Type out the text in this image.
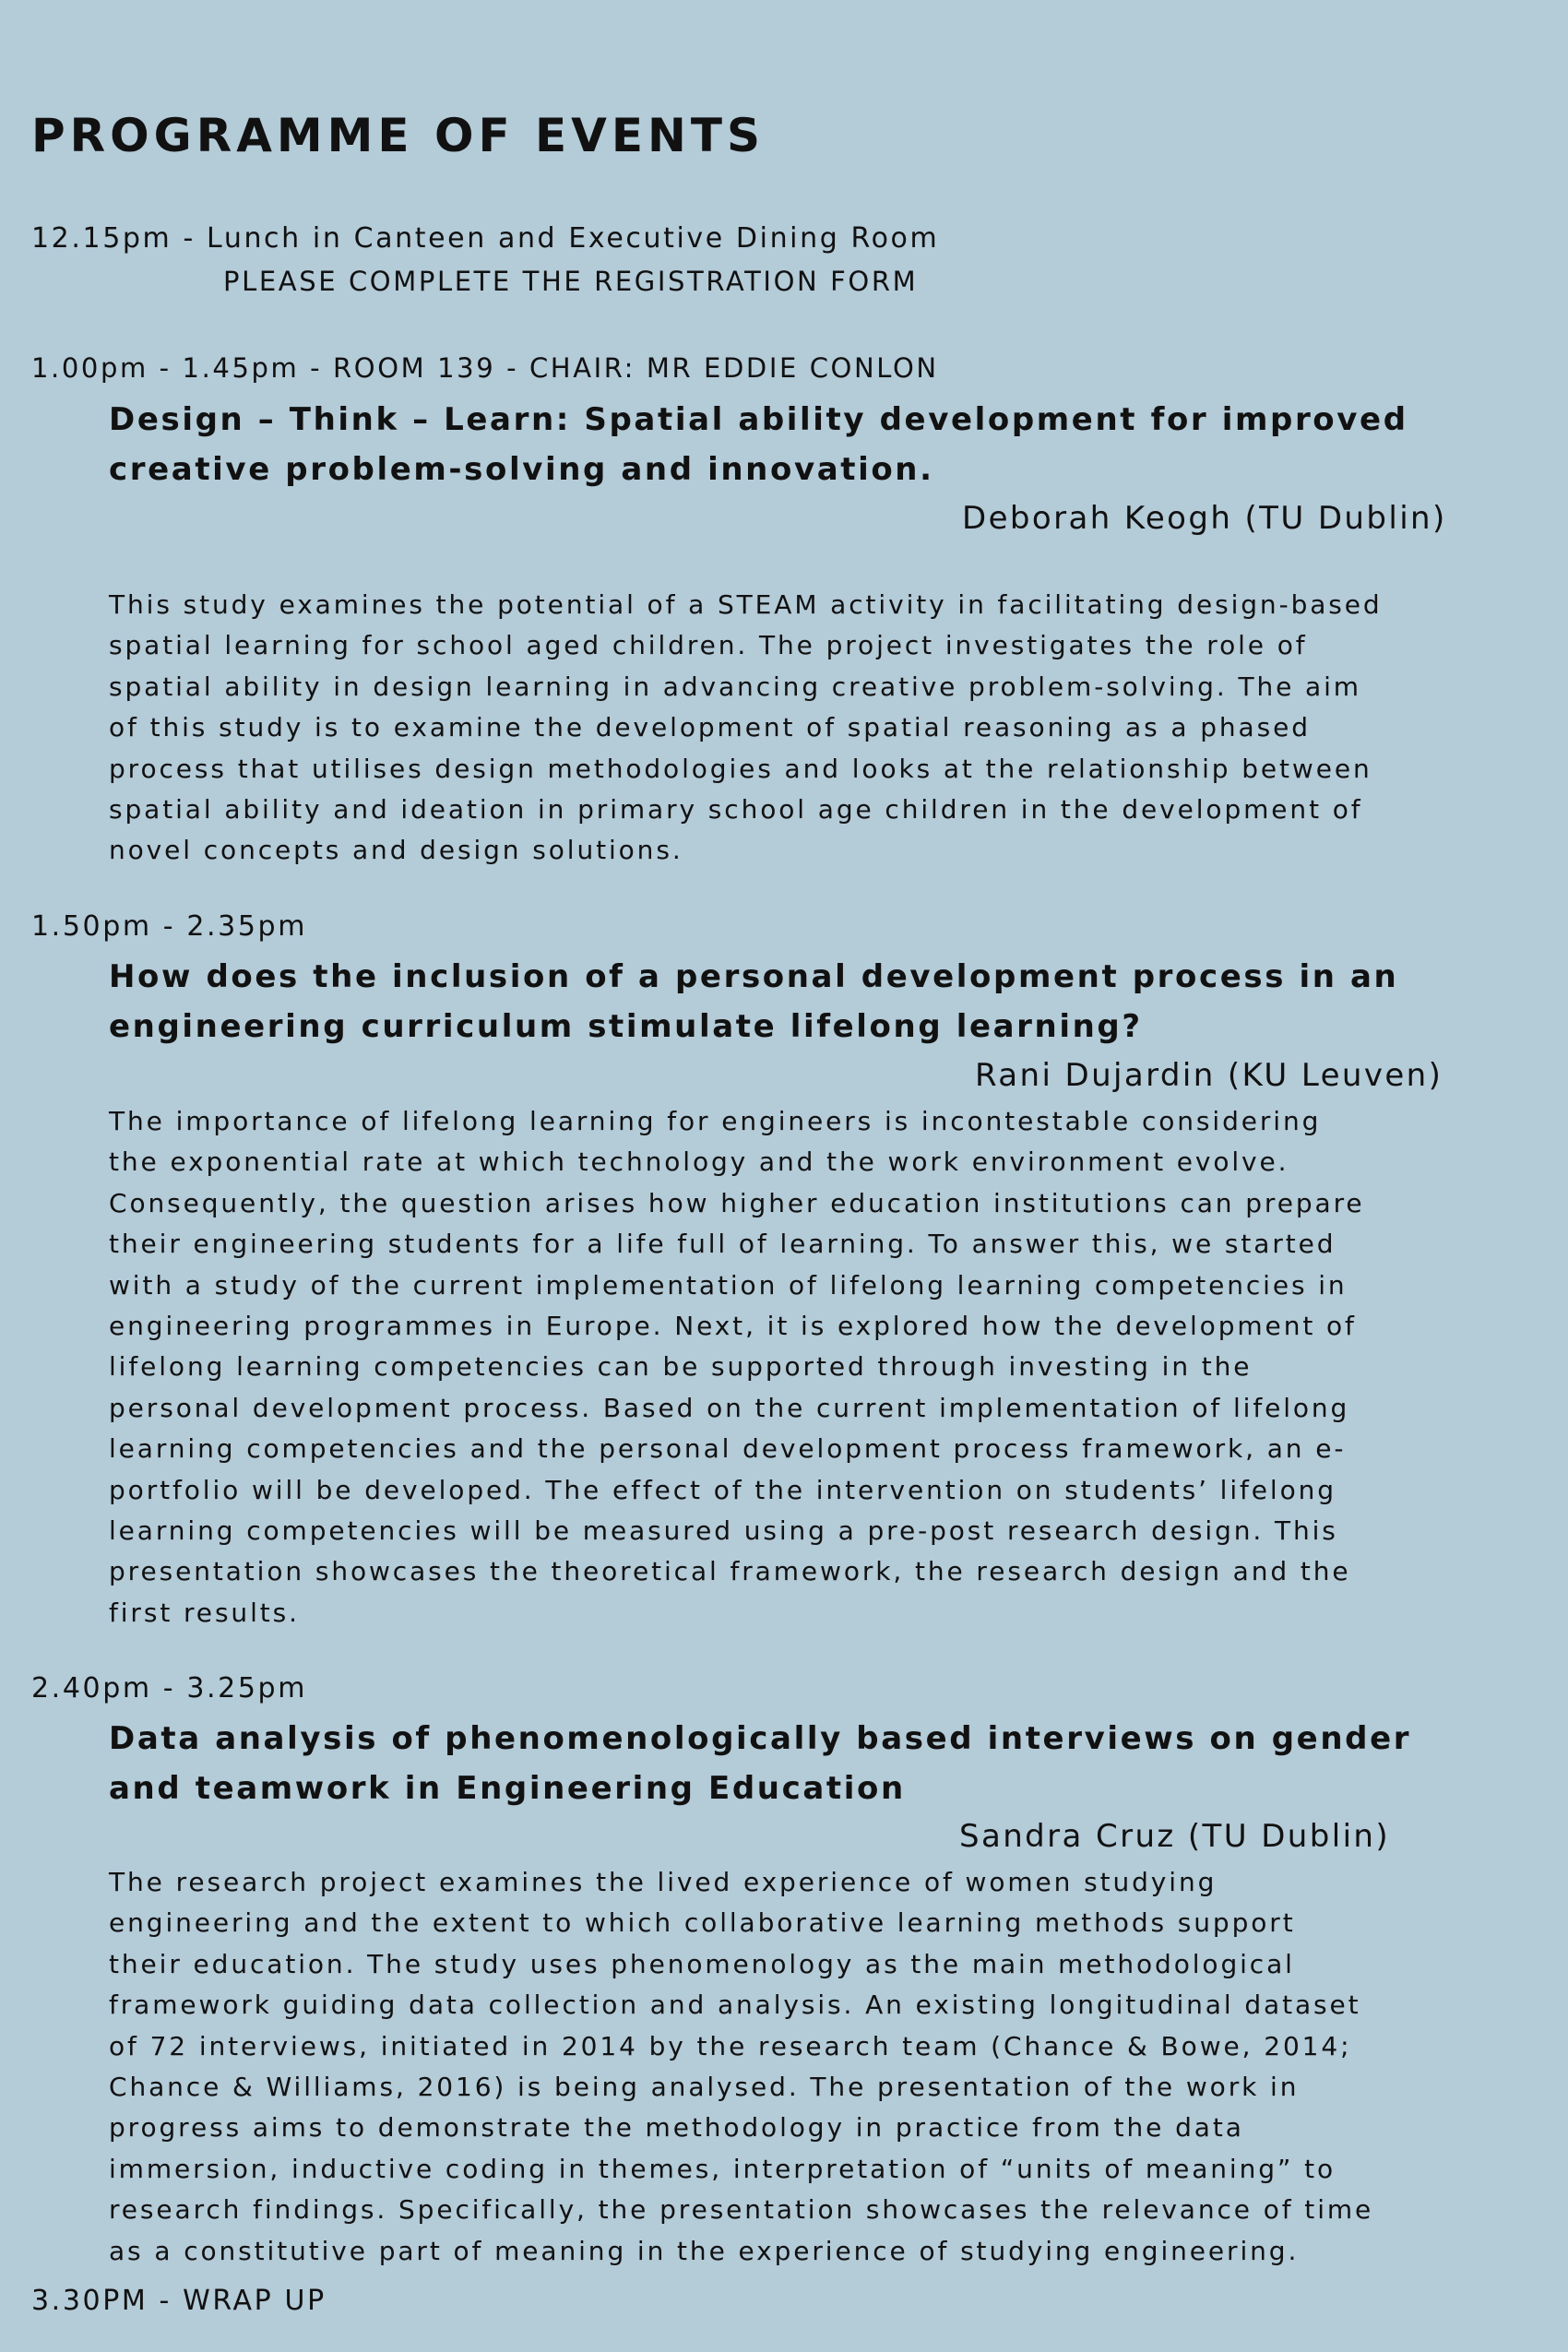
PROGRAMME OF EVENTS
12.15pm - Lunch in Canteen and Executive Dining Room
PLEASE COMPLETE THE REGISTRATION FORM
1.00pm - 1.45pm - ROOM 139 - CHAIR: MR EDDIE CONLON
Design – Think – Learn: Spatial ability development for improved
creative problem-solving and innovation.
Deborah Keogh (TU Dublin)
This study examines the potential of a STEAM activity in facilitating design-based
spatial learning for school aged children. The project investigates the role of
spatial ability in design learning in advancing creative problem-solving. The aim
of this study is to examine the development of spatial reasoning as a phased
process that utilises design methodologies and looks at the relationship between
spatial ability and ideation in primary school age children in the development of
novel concepts and design solutions.
1.50pm - 2.35pm
How does the inclusion of a personal development process in an
engineering curriculum stimulate lifelong learning?
Rani Dujardin (KU Leuven)
The importance of lifelong learning for engineers is incontestable considering
the exponential rate at which technology and the work environment evolve.
Consequently, the question arises how higher education institutions can prepare
their engineering students for a life full of learning. To answer this, we started
with a study of the current implementation of lifelong learning competencies in
engineering programmes in Europe. Next, it is explored how the development of
lifelong learning competencies can be supported through investing in the
personal development process. Based on the current implementation of lifelong
learning competencies and the personal development process framework, an e-
portfolio will be developed. The effect of the intervention on students’ lifelong
learning competencies will be measured using a pre-post research design. This
presentation showcases the theoretical framework, the research design and the
first results.
2.40pm - 3.25pm
Data analysis of phenomenologically based interviews on gender
and teamwork in Engineering Education
Sandra Cruz (TU Dublin)
The research project examines the lived experience of women studying
engineering and the extent to which collaborative learning methods support
their education. The study uses phenomenology as the main methodological
framework guiding data collection and analysis. An existing longitudinal dataset
of 72 interviews, initiated in 2014 by the research team (Chance & Bowe, 2014;
Chance & Williams, 2016) is being analysed. The presentation of the work in
progress aims to demonstrate the methodology in practice from the data
immersion, inductive coding in themes, interpretation of “units of meaning” to
research findings. Specifically, the presentation showcases the relevance of time
as a constitutive part of meaning in the experience of studying engineering.
3.30PM - WRAP UP
